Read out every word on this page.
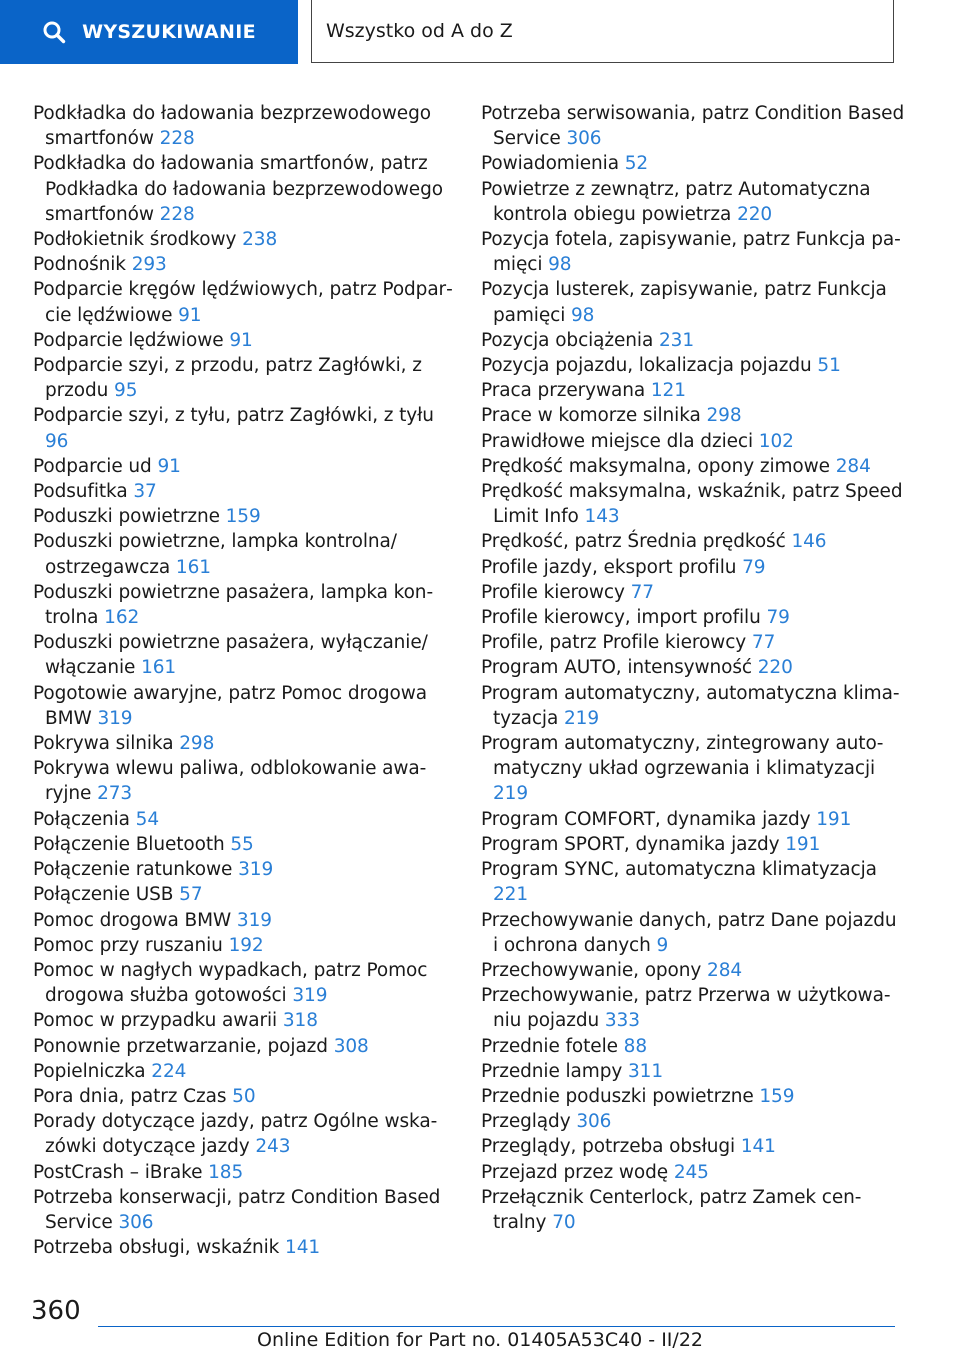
WYSZUKIWANIE	Wszystko od A do Z
Podkładka do ładowania bezprzewodowego smartfonów 228
Podkładka do ładowania smartfonów, patrz Podkładka do ładowania bezprzewodowego smartfonów 228
Podłokietnik środkowy 238
Podnośnik 293
Podparcie kręgów lędźwiowych, patrz Podparcie lędźwiowe 91
Podparcie lędźwiowe 91
Podparcie szyi, z przodu, patrz Zagłówki, z przodu 95
Podparcie szyi, z tyłu, patrz Zagłówki, z tyłu 96
Podparcie ud 91
Podsufitka 37
Poduszki powietrzne 159
Poduszki powietrzne, lampka kontrolna/ ostrzegawcza 161
Poduszki powietrzne pasażera, lampka kontrolna 162
Poduszki powietrzne pasażera, wyłączanie/ włączanie 161
Pogotowie awaryjne, patrz Pomoc drogowa BMW 319
Pokrywa silnika 298
Pokrywa wlewu paliwa, odblokowanie awaryjne 273
Połączenia 54
Połączenie Bluetooth 55
Połączenie ratunkowe 319
Połączenie USB 57
Pomoc drogowa BMW 319
Pomoc przy ruszaniu 192
Pomoc w nagłych wypadkach, patrz Pomoc drogowa służba gotowości 319
Pomoc w przypadku awarii 318
Ponownie przetwarzanie, pojazd 308
Popielniczka 224
Pora dnia, patrz Czas 50
Porady dotyczące jazdy, patrz Ogólne wskazówki dotyczące jazdy 243
PostCrash – iBrake 185
Potrzeba konserwacji, patrz Condition Based Service 306
Potrzeba obsługi, wskaźnik 141
Potrzeba serwisowania, patrz Condition Based Service 306
Powiadomienia 52
Powietrze z zewnątrz, patrz Automatyczna kontrola obiegu powietrza 220
Pozycja fotela, zapisywanie, patrz Funkcja pamięci 98
Pozycja lusterek, zapisywanie, patrz Funkcja pamięci 98
Pozycja obciążenia 231
Pozycja pojazdu, lokalizacja pojazdu 51
Praca przerywana 121
Prace w komorze silnika 298
Prawidłowe miejsce dla dzieci 102
Prędkość maksymalna, opony zimowe 284
Prędkość maksymalna, wskaźnik, patrz Speed Limit Info 143
Prędkość, patrz Średnia prędkość 146
Profile jazdy, eksport profilu 79
Profile kierowcy 77
Profile kierowcy, import profilu 79
Profile, patrz Profile kierowcy 77
Program AUTO, intensywność 220
Program automatyczny, automatyczna klimatyzacja 219
Program automatyczny, zintegrowany automatyczny układ ogrzewania i klimatyzacji 219
Program COMFORT, dynamika jazdy 191
Program SPORT, dynamika jazdy 191
Program SYNC, automatyczna klimatyzacja 221
Przechowywanie danych, patrz Dane pojazdu i ochrona danych 9
Przechowywanie, opony 284
Przechowywanie, patrz Przerwa w użytkowaniu pojazdu 333
Przednie fotele 88
Przednie lampy 311
Przednie poduszki powietrzne 159
Przeglądy 306
Przeglądy, potrzeba obsługi 141
Przejazd przez wodę 245
Przełącznik Centerlock, patrz Zamek centralny 70
360
Online Edition for Part no. 01405A53C40 - II/22
